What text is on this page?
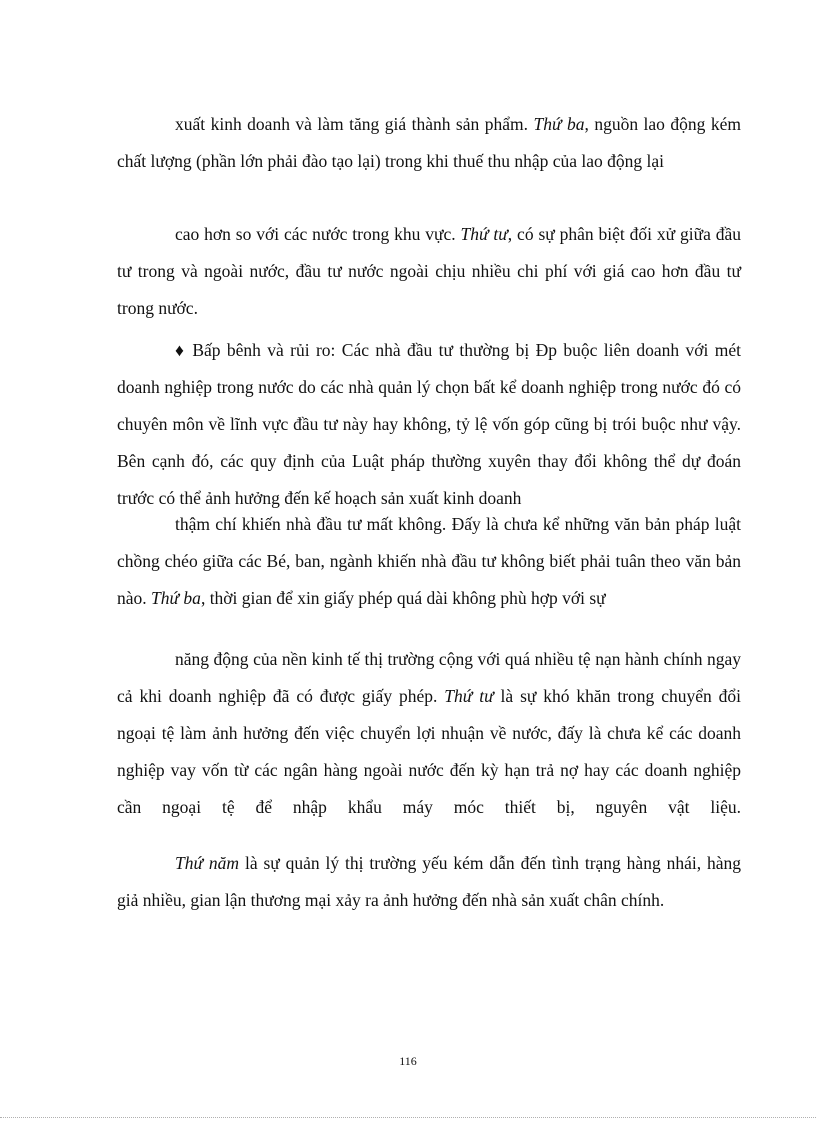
xuất kinh doanh và làm tăng giá thành sản phẩm. Thứ ba, nguồn lao động kém chất lượng (phần lớn phải đào tạo lại) trong khi thuế thu nhập của lao động lại

cao hơn so với các nước trong khu vực. Thứ tư, có sự phân biệt đối xử giữa đầu tư trong và ngoài nước, đầu tư nước ngoài chịu nhiều chi phí với giá cao hơn đầu tư trong nước.

♦ Bấp bênh và rủi ro: Các nhà đầu tư thường bị Đp buộc liên doanh với mét doanh nghiệp trong nước do các nhà quản lý chọn bất kể doanh nghiệp trong nước đó có chuyên môn về lĩnh vực đầu tư này hay không, tỷ lệ vốn góp cũng bị trói buộc như vậy. Bên cạnh đó, các quy định của Luật pháp thường xuyên thay đổi không thể dự đoán trước có thể ảnh hưởng đến kế hoạch sản xuất kinh doanh

thậm chí khiến nhà đầu tư mất không. Đấy là chưa kể những văn bản pháp luật chồng chéo giữa các Bé, ban, ngành khiến nhà đầu tư không biết phải tuân theo văn bản nào. Thứ ba, thời gian để xin giấy phép quá dài không phù hợp với sự

năng động của nền kinh tế thị trường cộng với quá nhiều tệ nạn hành chính ngay cả khi doanh nghiệp đã có được giấy phép. Thứ tư là sự khó khăn trong chuyển đổi ngoại tệ làm ảnh hưởng đến việc chuyển lợi nhuận về nước, đấy là chưa kể các doanh nghiệp vay vốn từ các ngân hàng ngoài nước đến kỳ hạn trả nợ hay các doanh nghiệp cần ngoại tệ để nhập khẩu máy móc thiết bị, nguyên vật liệu.

Thứ năm là sự quản lý thị trường yếu kém dẫn đến tình trạng hàng nhái, hàng giả nhiều, gian lận thương mại xảy ra ảnh hưởng đến nhà sản xuất chân chính.

116
